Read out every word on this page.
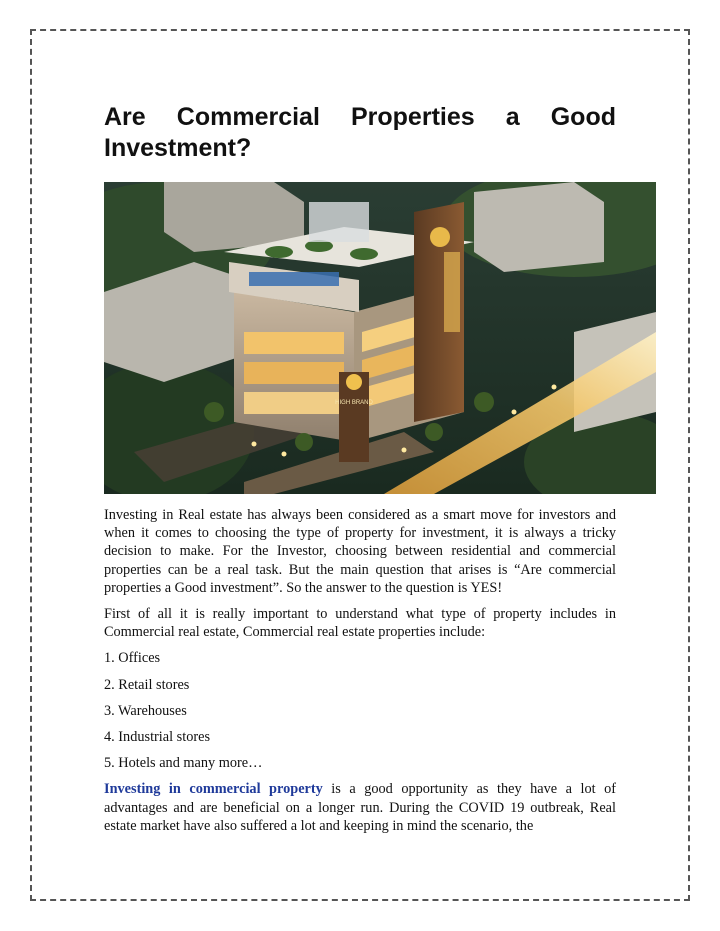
Are Commercial Properties a Good
Investment?
HIGH BRAND

Investing in Real estate has always been considered as a smart move for investors and when it comes to choosing the type of property for investment, it is always a tricky decision to make. For the Investor, choosing between residential and commercial properties can be a real task. But the main question that arises is “Are commercial properties a Good investment”. So the answer to the question is YES!

First of all it is really important to understand what type of property includes in Commercial real estate, Commercial real estate properties include:

1. Offices
2. Retail stores
3. Warehouses
4. Industrial stores
5. Hotels and many more…

Investing in commercial property is a good opportunity as they have a lot of advantages and are beneficial on a longer run. During the COVID 19 outbreak, Real estate market have also suffered a lot and keeping in mind the scenario, the
